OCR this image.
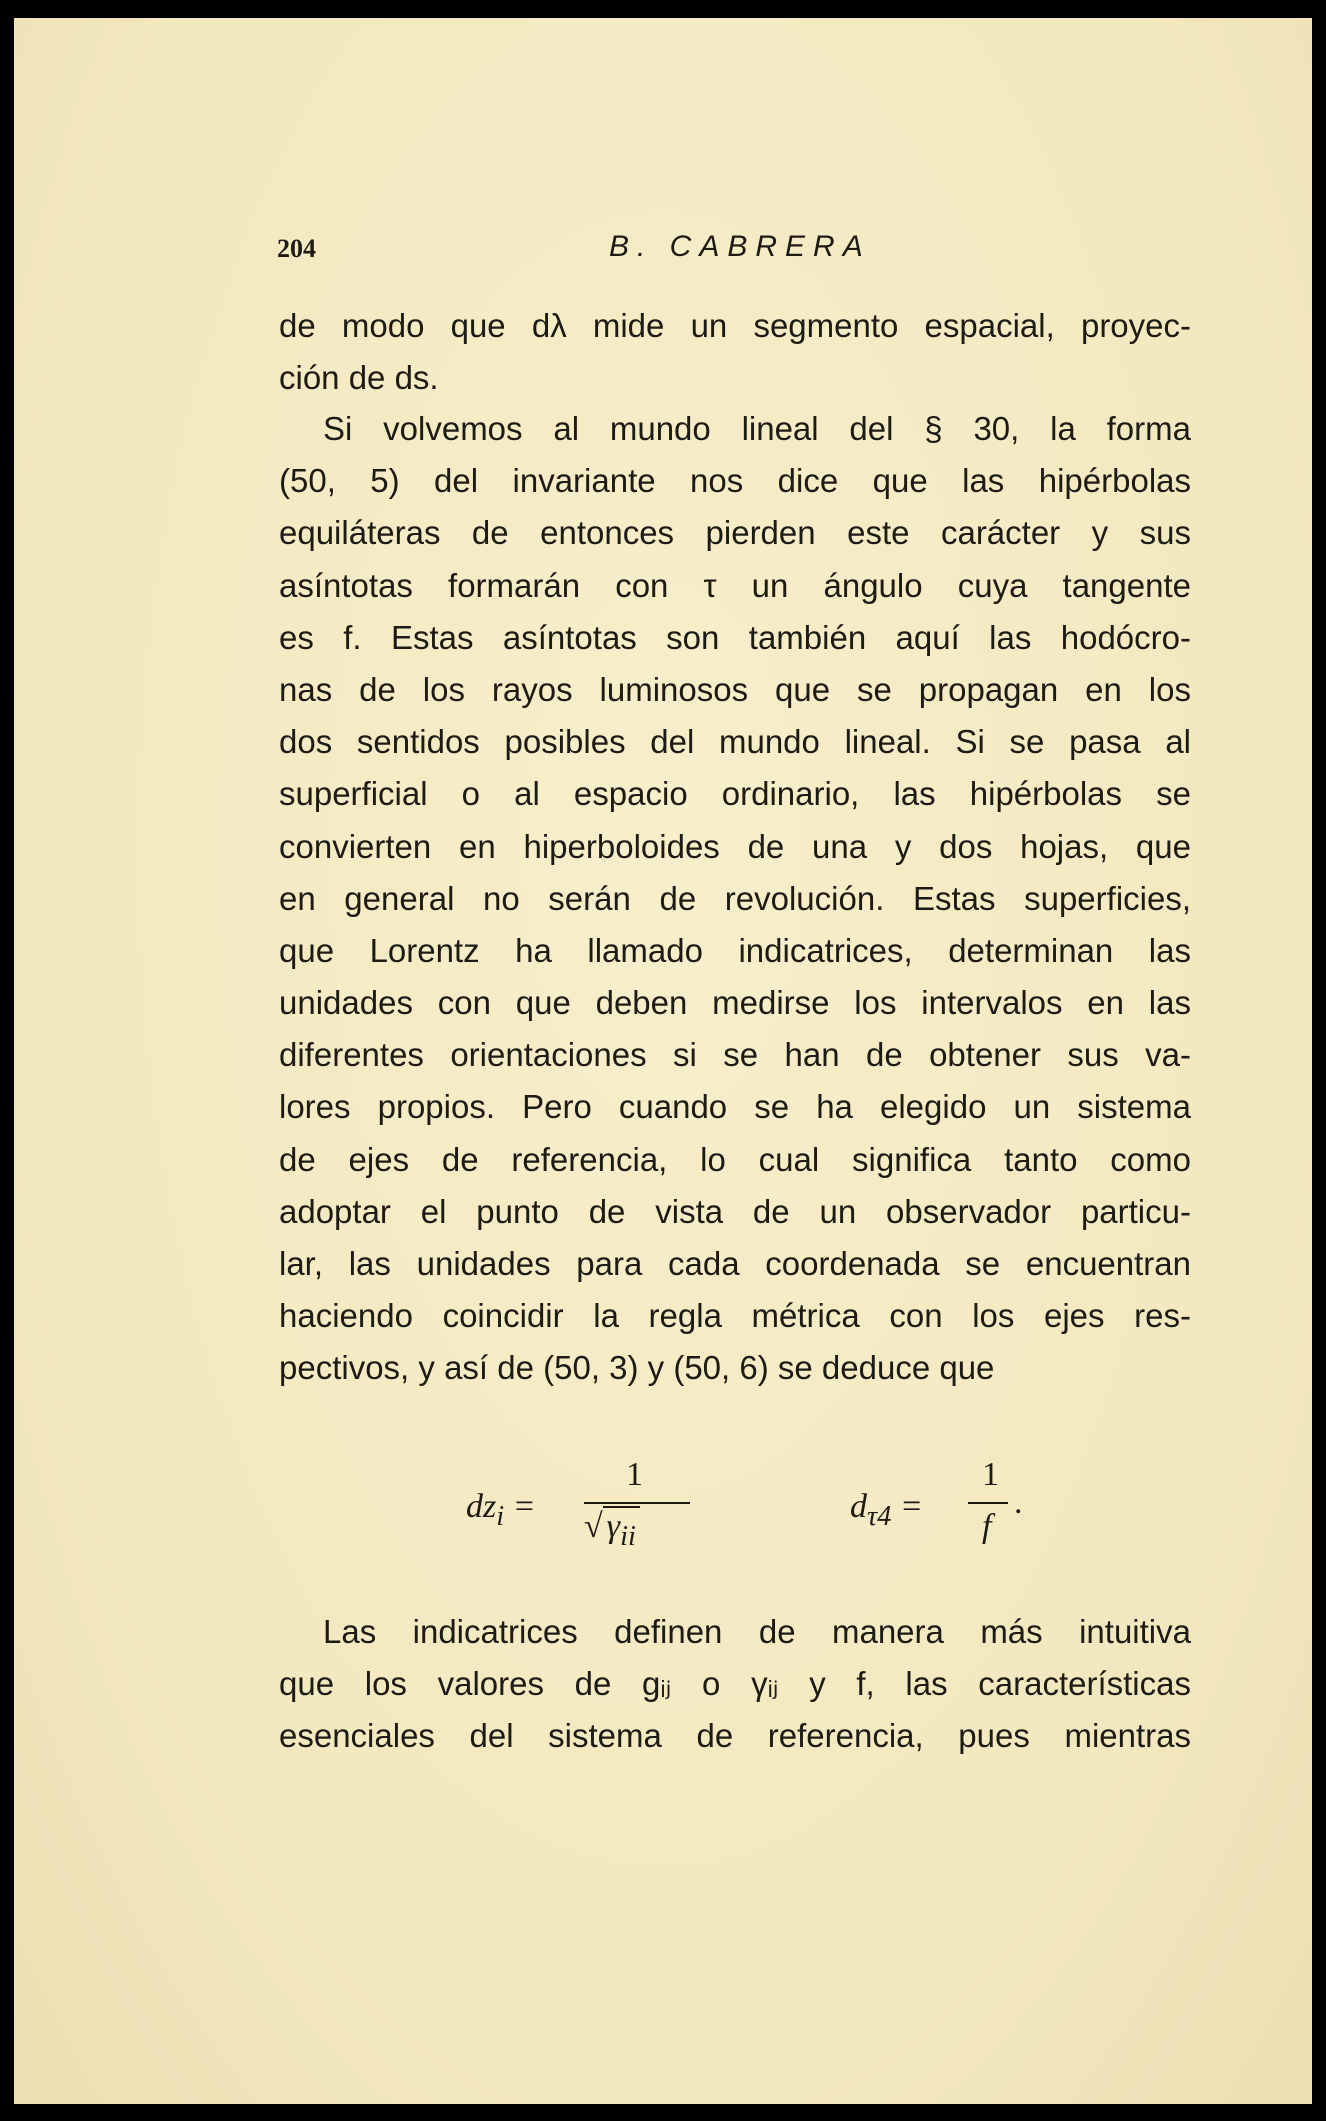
204	B. CABRERA
de modo que dλ mide un segmento espacial, proyec-
ción de ds.
Si volvemos al mundo lineal del § 30, la forma
(50, 5) del invariante nos dice que las hipérbolas
equiláteras de entonces pierden este carácter y sus
asíntotas formarán con τ un ángulo cuya tangente
es f. Estas asíntotas son también aquí las hodócro-
nas de los rayos luminosos que se propagan en los
dos sentidos posibles del mundo lineal. Si se pasa al
superficial o al espacio ordinario, las hipérbolas se
convierten en hiperboloides de una y dos hojas, que
en general no serán de revolución. Estas superficies,
que Lorentz ha llamado indicatrices, determinan las
unidades con que deben medirse los intervalos en las
diferentes orientaciones si se han de obtener sus va-
lores propios. Pero cuando se ha elegido un sistema
de ejes de referencia, lo cual significa tanto como
adoptar el punto de vista de un observador particu-
lar, las unidades para cada coordenada se encuentran
haciendo coincidir la regla métrica con los ejes res-
pectivos, y así de (50, 3) y (50, 6) se deduce que
$dz_i$ =
1
√ $\gamma_{ii}$
$d_{\tau 4}$ =
1
f
.
Las indicatrices definen de manera más intuitiva
que los valores de gᵢⱼ o γᵢⱼ y f, las características
esenciales del sistema de referencia, pues mientras
